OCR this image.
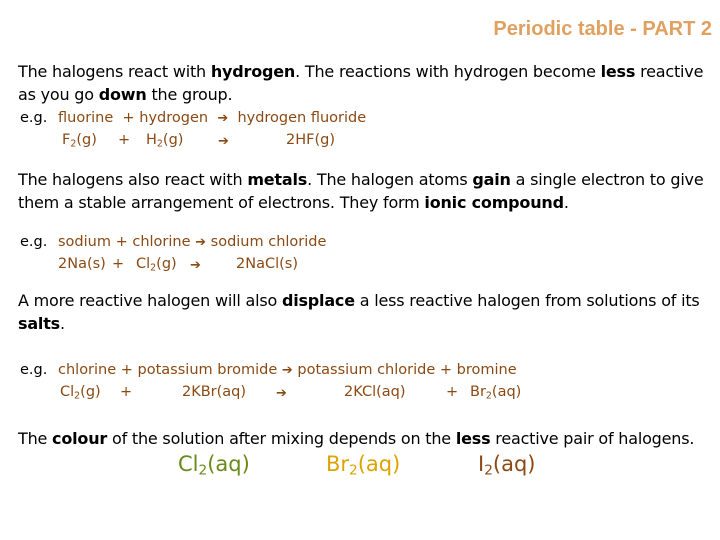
Periodic table - PART 2
The halogens react with hydrogen. The reactions with hydrogen become less reactive as you go down the group.
e.g. fluorine + hydrogen ➔ hydrogen fluoride
$F_2(g) + H_2(g)$	➔	2HF(g)
The halogens also react with metals. The halogen atoms gain a single electron to give them a stable arrangement of electrons. They form ionic compound.
e.g. sodium + chlorine ➔ sodium chloride
$2Na(s) + Cl_2(g)$ ➔ 2NaCl(s)
A more reactive halogen will also displace a less reactive halogen from solutions of its salts.
e.g. chlorine + potassium bromide ➔ potassium chloride + bromine
$Cl_2(g)$ +	2KBr(aq) ➔	2KCl(aq)	+ $Br_2(aq)$
The colour of the solution after mixing depends on the less reactive pair of halogens.
$Cl_2(aq)$	$Br_2(aq)$	$I_2(aq)$
